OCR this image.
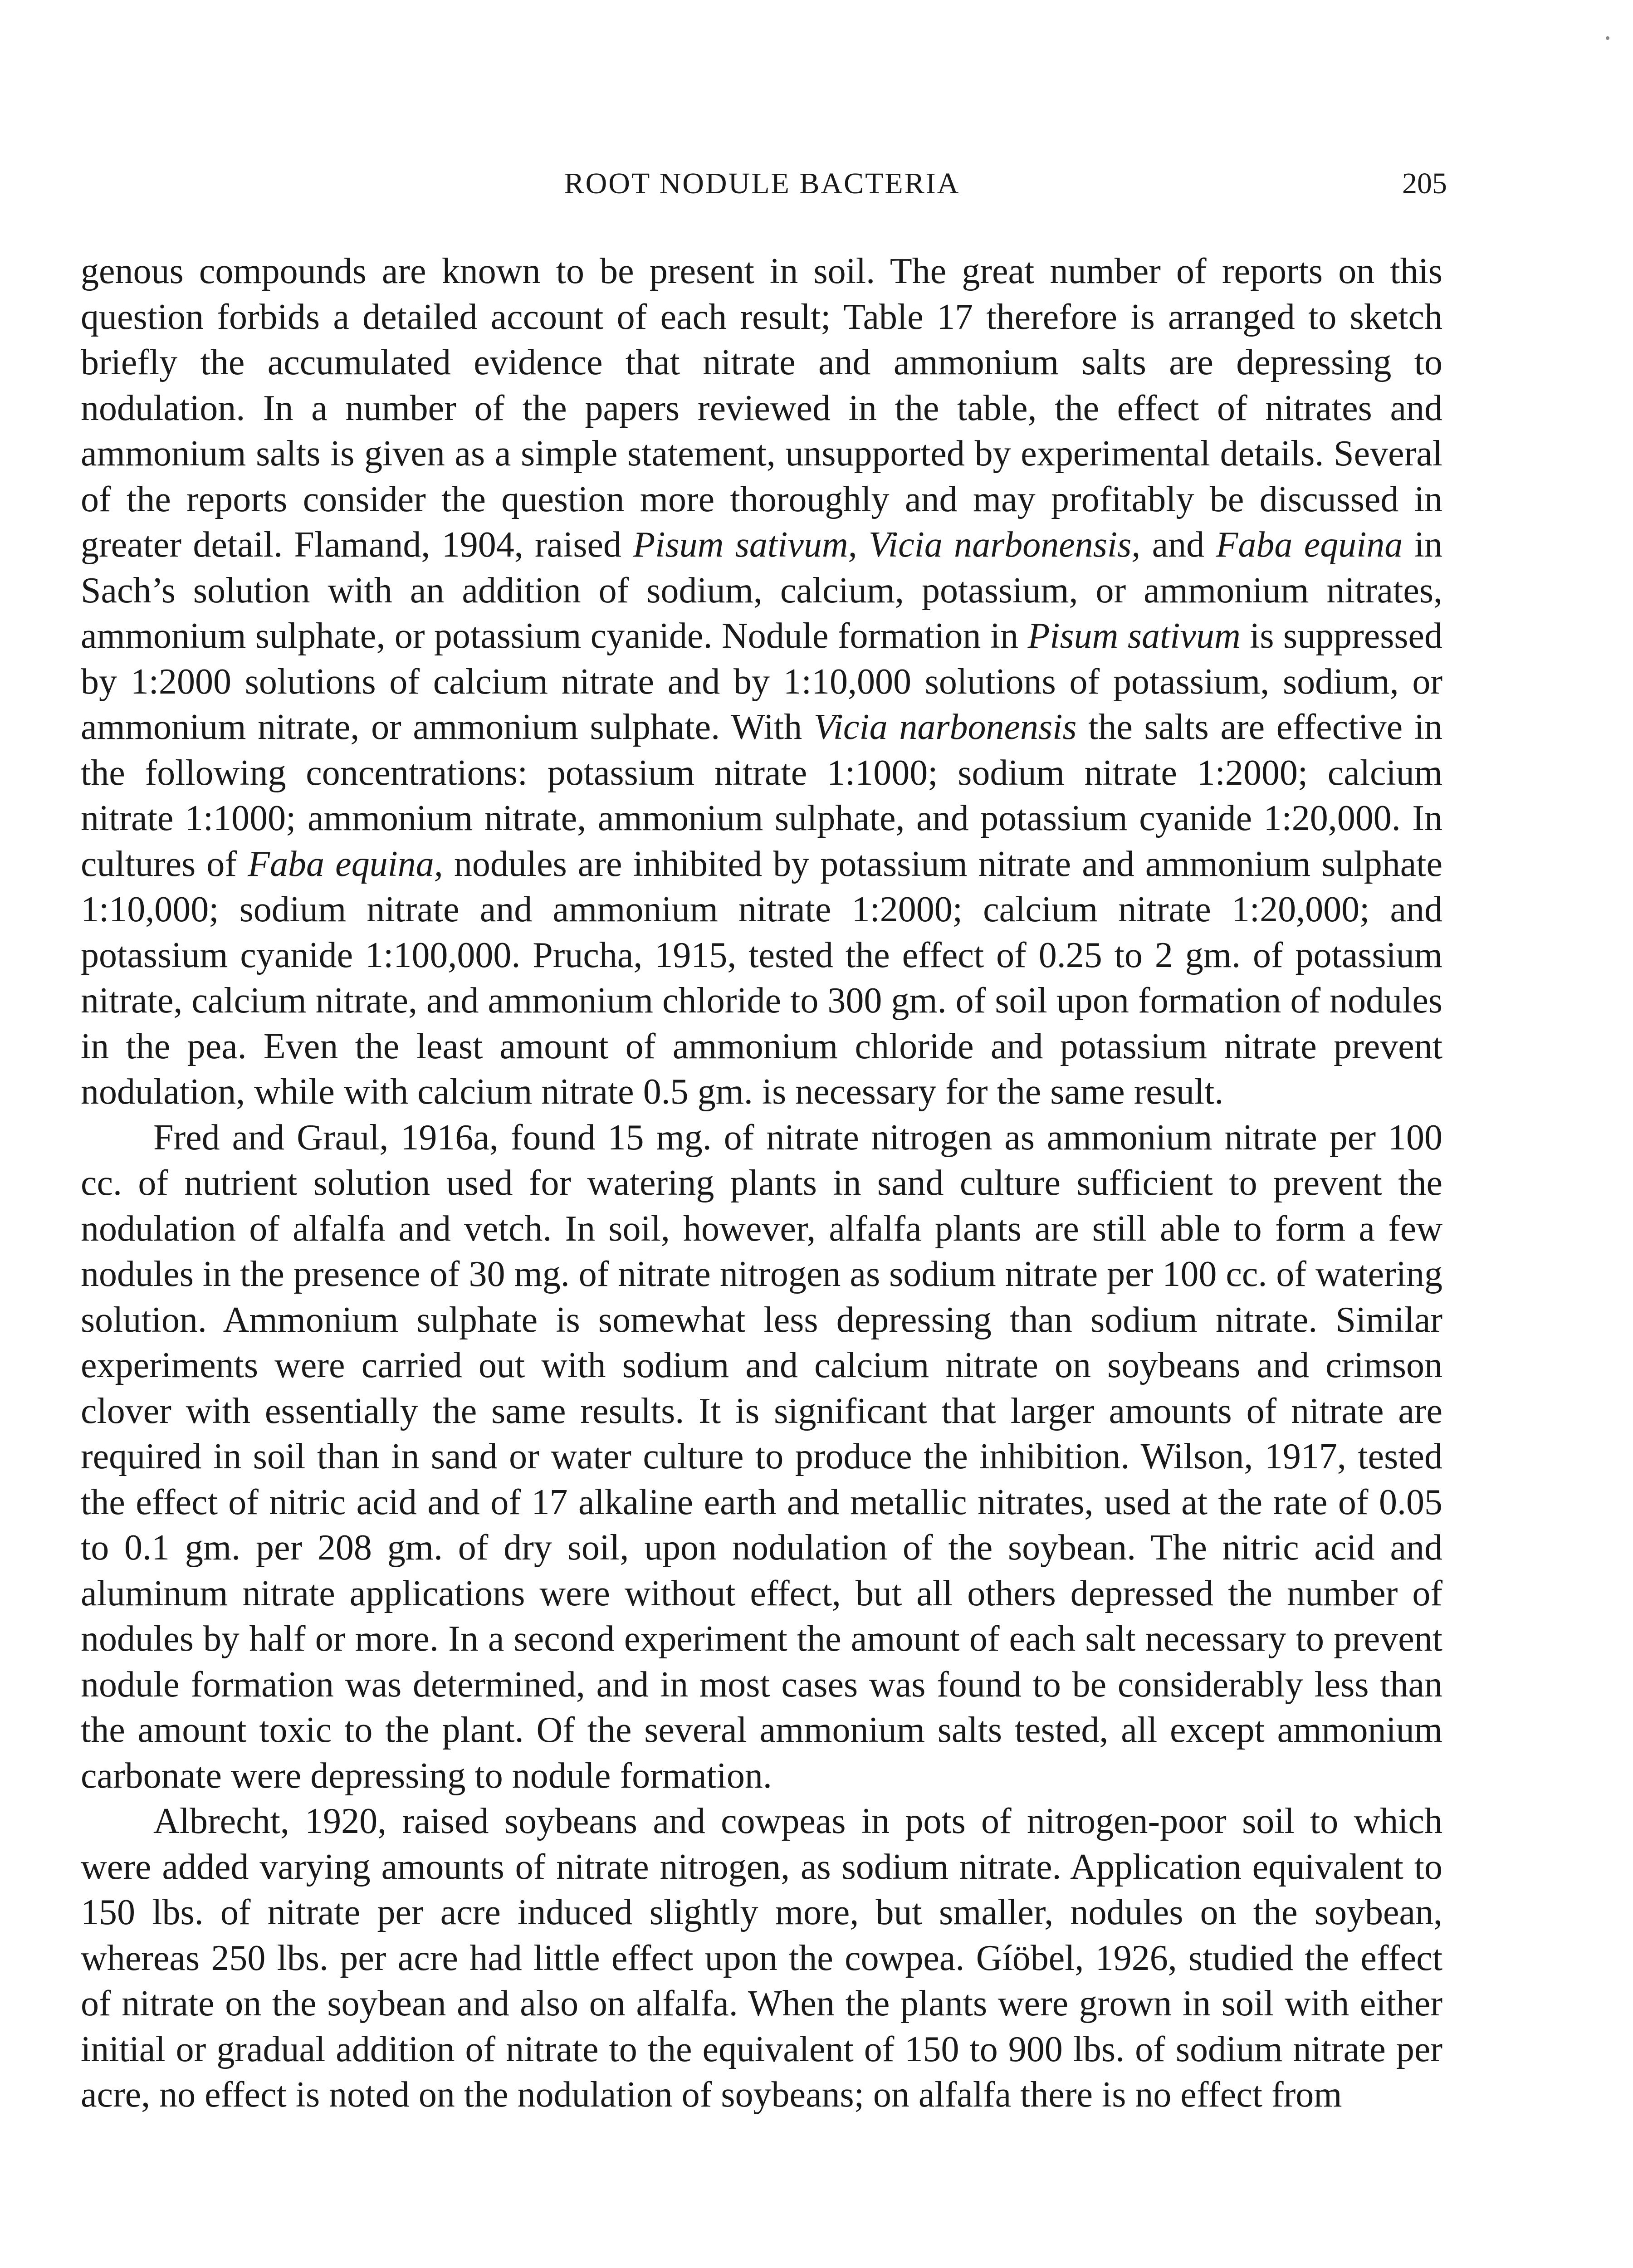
ROOT NODULE BACTERIA	205

genous compounds are known to be present in soil. The great number of reports on this question forbids a detailed account of each result; Table 17 therefore is arranged to sketch briefly the accumulated evidence that nitrate and ammonium salts are depressing to nodulation. In a number of the papers reviewed in the table, the effect of nitrates and ammonium salts is given as a simple statement, unsupported by experimental details. Several of the reports consider the question more thoroughly and may profitably be discussed in greater detail. Flamand, 1904, raised Pisum sativum, Vicia narbonensis, and Faba equina in Sach’s solution with an addition of sodium, calcium, potassium, or ammonium nitrates, ammonium sulphate, or potassium cyanide. Nodule formation in Pisum sativum is suppressed by 1:2000 solutions of calcium nitrate and by 1:10,000 solutions of potassium, sodium, or ammonium nitrate, or ammonium sulphate. With Vicia narbonensis the salts are effective in the following concentrations: potassium nitrate 1:1000; sodium nitrate 1:2000; calcium nitrate 1:1000; ammonium nitrate, ammonium sulphate, and potassium cyanide 1:20,000. In cultures of Faba equina, nodules are inhibited by potassium nitrate and ammonium sulphate 1:10,000; sodium nitrate and ammonium nitrate 1:2000; calcium nitrate 1:20,000; and potassium cyanide 1:100,000. Prucha, 1915, tested the effect of 0.25 to 2 gm. of potassium nitrate, calcium nitrate, and ammonium chloride to 300 gm. of soil upon formation of nodules in the pea. Even the least amount of ammonium chloride and potassium nitrate prevent nodulation, while with calcium nitrate 0.5 gm. is necessary for the same result.

Fred and Graul, 1916a, found 15 mg. of nitrate nitrogen as ammonium nitrate per 100 cc. of nutrient solution used for watering plants in sand culture sufficient to prevent the nodulation of alfalfa and vetch. In soil, however, alfalfa plants are still able to form a few nodules in the presence of 30 mg. of nitrate nitrogen as sodium nitrate per 100 cc. of watering solution. Ammonium sulphate is somewhat less depressing than sodium nitrate. Similar experiments were carried out with sodium and calcium nitrate on soybeans and crimson clover with essentially the same results. It is significant that larger amounts of nitrate are required in soil than in sand or water culture to produce the inhibition. Wilson, 1917, tested the effect of nitric acid and of 17 alkaline earth and metallic nitrates, used at the rate of 0.05 to 0.1 gm. per 208 gm. of dry soil, upon nodulation of the soybean. The nitric acid and aluminum nitrate applications were without effect, but all others depressed the number of nodules by half or more. In a second experiment the amount of each salt necessary to prevent nodule formation was determined, and in most cases was found to be considerably less than the amount toxic to the plant. Of the several ammonium salts tested, all except ammonium carbonate were depressing to nodule formation.

Albrecht, 1920, raised soybeans and cowpeas in pots of nitrogen-poor soil to which were added varying amounts of nitrate nitrogen, as sodium nitrate. Application equivalent to 150 lbs. of nitrate per acre induced slightly more, but smaller, nodules on the soybean, whereas 250 lbs. per acre had little effect upon the cowpea. Gíöbel, 1926, studied the effect of nitrate on the soybean and also on alfalfa. When the plants were grown in soil with either initial or gradual addition of nitrate to the equivalent of 150 to 900 lbs. of sodium nitrate per acre, no effect is noted on the nodulation of soybeans; on alfalfa there is no effect from
